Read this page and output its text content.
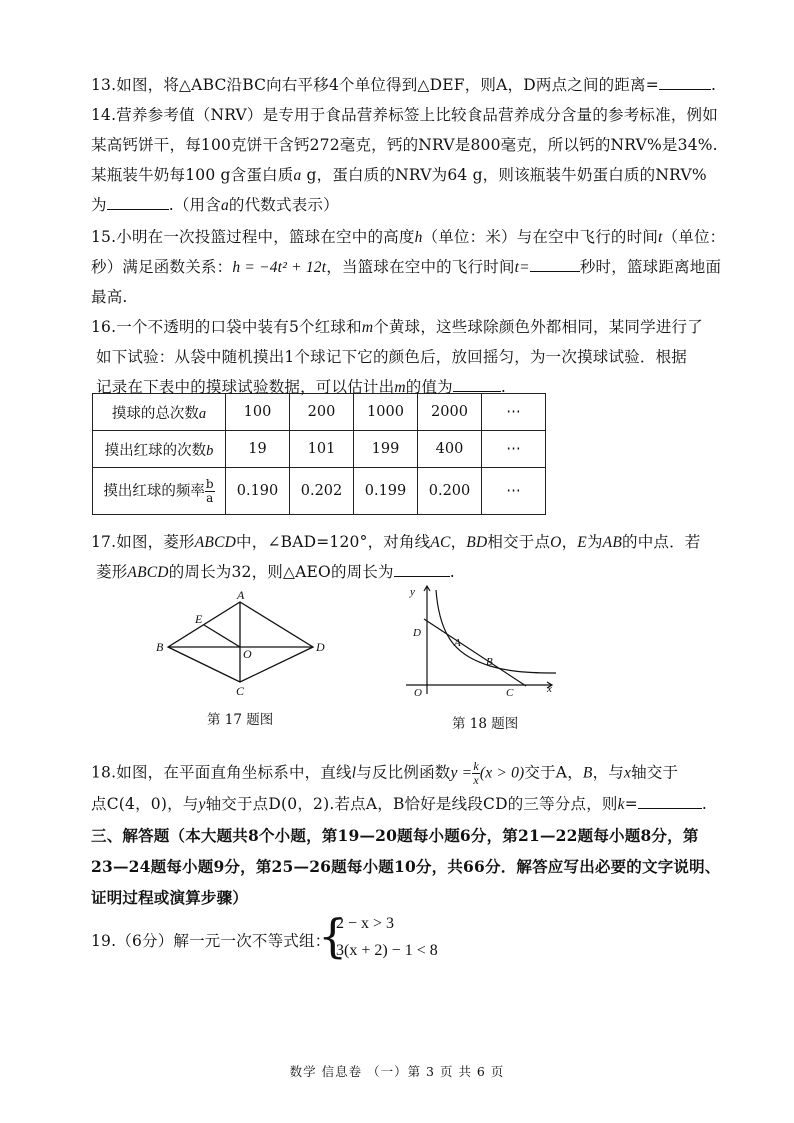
13.如图，将△ABC沿BC向右平移4个单位得到△DEF，则A，D两点之间的距离=	.
14.营养参考值（NRV）是专用于食品营养标签上比较食品营养成分含量的参考标准，例如
某高钙饼干，每100克饼干含钙272毫克，钙的NRV是800毫克，所以钙的NRV%是34%.
某瓶装牛奶每100 g含蛋白质a g，蛋白质的NRV为64 g，则该瓶装牛奶蛋白质的NRV%
为	.（用含a的代数式表示）
15.小明在一次投篮过程中，篮球在空中的高度h（单位：米）与在空中飞行的时间t（单位：
秒）满足函数关系：h = −4t² + 12t，当篮球在空中的飞行时间t=	秒时，篮球距离地面
最高.
16.一个不透明的口袋中装有5个红球和m个黄球，这些球除颜色外都相同，某同学进行了
如下试验：从袋中随机摸出1个球记下它的颜色后，放回摇匀，为一次摸球试验．根据
记录在下表中的摸球试验数据，可以估计出m的值为	.
摸球的总次数a	100	200	1000	2000	⋯
摸出红球的次数b	19	101	199	400	⋯
摸出红球的频率 $\frac{b}{a}$	0.190	0.202	0.199	0.200	⋯
17.如图，菱形ABCD中，∠BAD=120°，对角线AC，BD相交于点O，E为AB的中点．若
菱形ABCD的周长为32，则△AEO的周长为	.
A
B
C
D
E
O
第 17 题图
y
x
O
D
A
B
C
第 18 题图
18.如图，在平面直角坐标系中，直线l与反比例函数$y = \frac{k}{x} (x > 0)$交于A，B，与x轴交于
点C(4，0)，与y轴交于点D(0，2).若点A，B恰好是线段CD的三等分点，则k=	.
三、解答题（本大题共8个小题，第19—20题每小题6分，第21—22题每小题8分，第
23—24题每小题9分，第25—26题每小题10分，共66分．解答应写出必要的文字说明、
证明过程或演算步骤）
19.（6分）解一元一次不等式组：
{
2 − x > 3
3(x + 2) − 1 < 8
数学 信息卷 （一）第 3 页 共 6 页
